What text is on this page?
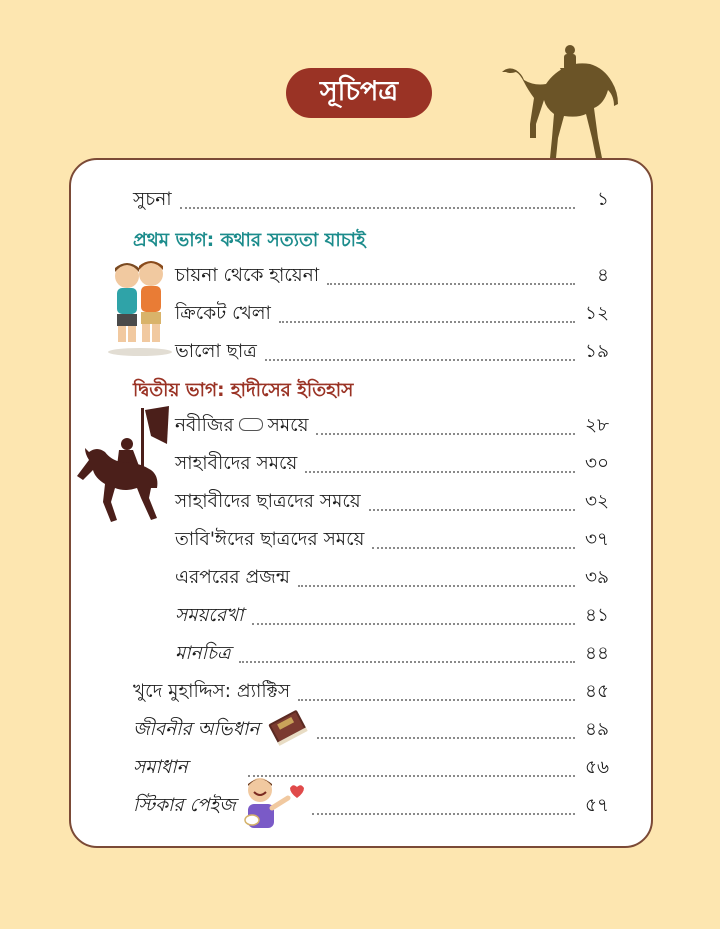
সূচিপত্র
সুচনা	১
প্রথম ভাগ: কথার সত্যতা যাচাই
চায়না থেকে হায়েনা	৪
ক্রিকেট খেলা	১২
ভালো ছাত্র	১৯
দ্বিতীয় ভাগ: হাদীসের ইতিহাস
নবীজির সময়ে	২৮
সাহাবীদের সময়ে	৩০
সাহাবীদের ছাত্রদের সময়ে	৩২
তাবি'ঈদের ছাত্রদের সময়ে	৩৭
এরপরের প্রজন্ম	৩৯
সময়রেখা	৪১
মানচিত্র	৪৪
খুদে মুহাদ্দিস: প্র্যাক্টিস	৪৫
জীবনীর অভিধান	৪৯
সমাধান	৫৬
স্টিকার পেইজ	৫৭
